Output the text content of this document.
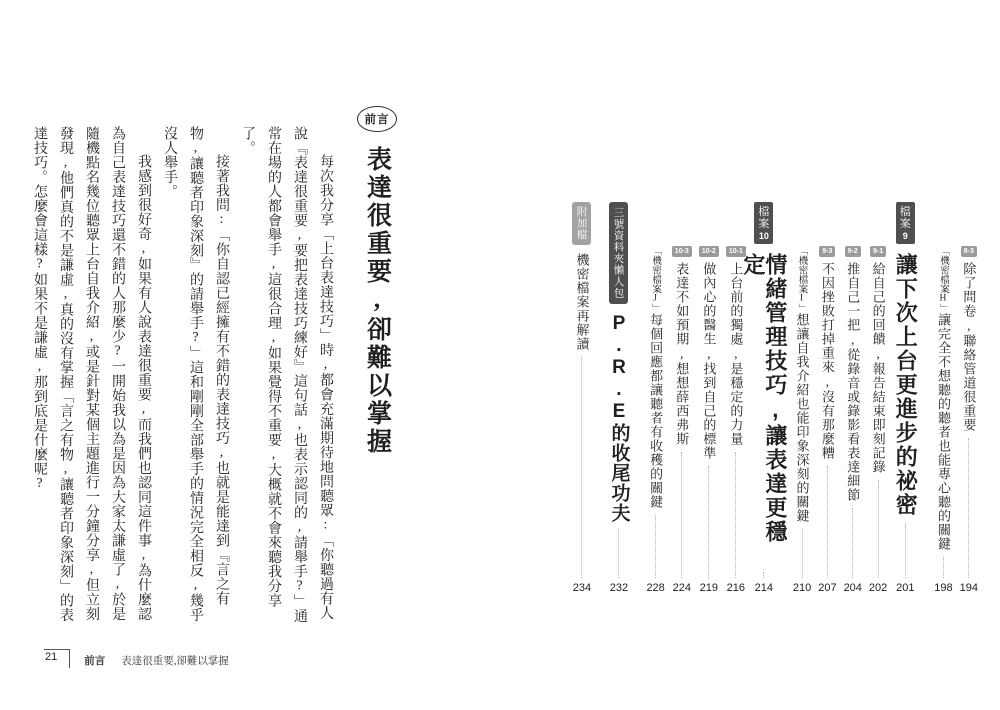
8-3
除了問卷,聯絡管道很重要
194
「機密檔案H」讓完全不想聽的聽者也能專心聽的關鍵
198
檔
案
9
讓下次上台更進步的祕密
201
9-1
給自己的回饋,報告結束即刻記錄
202
9-2
推自己一把,從錄音或錄影看表達細節
204
9-3
不因挫敗打掉重來,沒有那麼糟
207
「機密檔案I」想讓自我介紹也能印象深刻的關鍵
210
檔
案
10
情緒管理技巧,讓表達更穩定
214
10-1
上台前的獨處,是穩定的力量
216
10-2
做內心的醫生,找到自己的標準
219
10-3
表達不如預期,想想薛西弗斯
224
「機密檔案J」每個回應都讓聽者有收穫的關鍵
228
三號資料夾懶人包
P.R.E的收尾功夫
232
附加檔
機密檔案再解讀
234
前言
表達很重要,卻難以掌握

每次我分享「上台表達技巧」時,都會充滿期待地問聽眾:「你聽過有人說『表達很重要,要把表達技巧練好』這句話,也表示認同的,請舉手?」通常在場的人都會舉手,這很合理,如果覺得不重要,大概就不會來聽我分享了。

接著我問:「你自認已經擁有不錯的表達技巧,也就是能達到『言之有物,讓聽者印象深刻』的請舉手?」這和剛剛全部舉手的情況完全相反,幾乎沒人舉手。

我感到很好奇,如果有人說表達很重要,而我們也認同這件事,為什麼認為自己表達技巧還不錯的人那麼少?一開始我以為是因為大家太謙虛了,於是隨機點名幾位聽眾上台自我介紹,或是針對某個主題進行一分鐘分享,但立刻發現,他們真的不是謙虛,真的沒有掌握「言之有物,讓聽者印象深刻」的表達技巧。怎麼會這樣?如果不是謙虛,那到底是什麼呢?

21	前言 表達很重要,卻難以掌握
